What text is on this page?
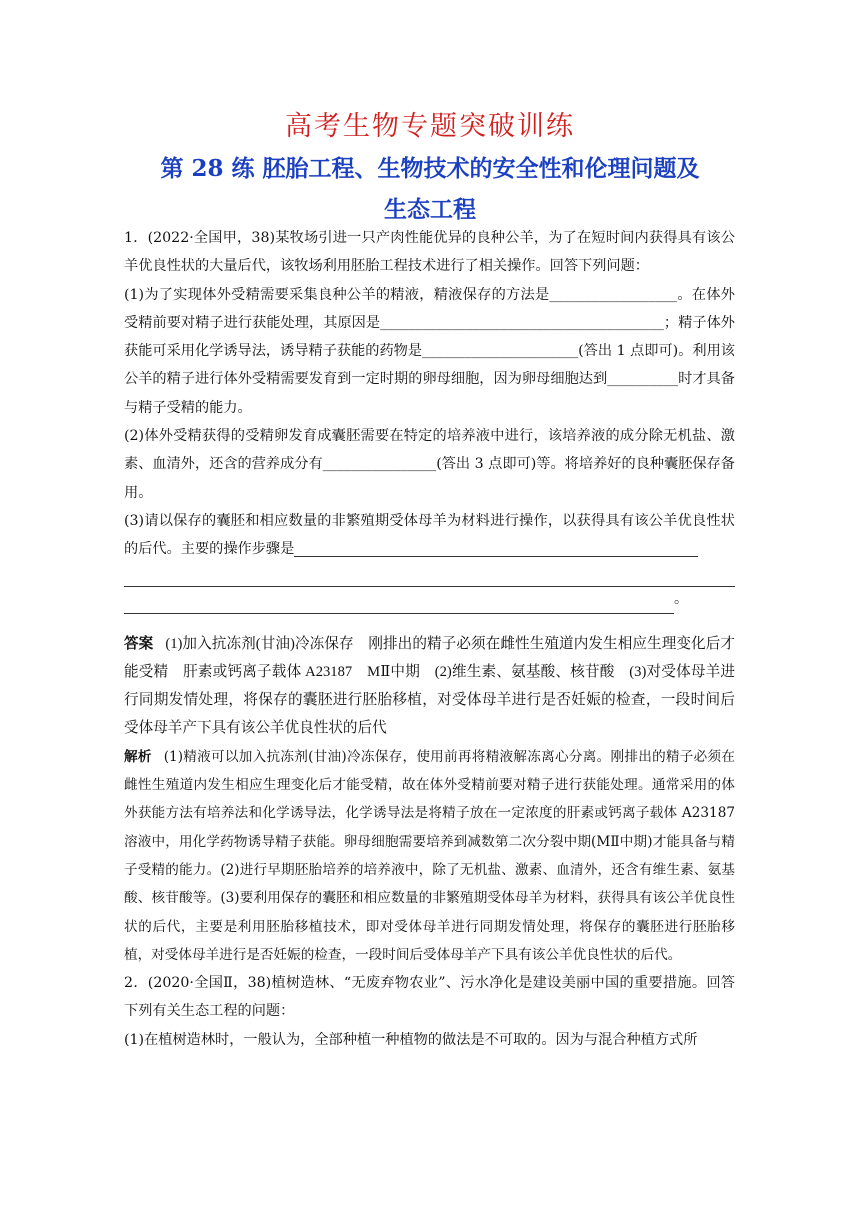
高考生物专题突破训练
第 28 练 胚胎工程、生物技术的安全性和伦理问题及
生态工程

1．(2022·全国甲，38)某牧场引进一只产肉性能优异的良种公羊，为了在短时间内获得具有该公羊优良性状的大量后代，该牧场利用胚胎工程技术进行了相关操作。回答下列问题：

(1)为了实现体外受精需要采集良种公羊的精液，精液保存的方法是__________________。在体外受精前要对精子进行获能处理，其原因是________________________________________；精子体外获能可采用化学诱导法，诱导精子获能的药物是______________________(答出 1 点即可)。利用该公羊的精子进行体外受精需要发育到一定时期的卵母细胞，因为卵母细胞达到__________时才具备与精子受精的能力。

(2)体外受精获得的受精卵发育成囊胚需要在特定的培养液中进行，该培养液的成分除无机盐、激素、血清外，还含的营养成分有________________(答出 3 点即可)等。将培养好的良种囊胚保存备用。

(3)请以保存的囊胚和相应数量的非繁殖期受体母羊为材料进行操作，以获得具有该公羊优良性状的后代。主要的操作步骤是

。

答案 (1)加入抗冻剂(甘油)冷冻保存　刚排出的精子必须在雌性生殖道内发生相应生理变化后才能受精　肝素或钙离子载体 A23187　MⅡ中期　(2)维生素、氨基酸、核苷酸　(3)对受体母羊进行同期发情处理，将保存的囊胚进行胚胎移植，对受体母羊进行是否妊娠的检查，一段时间后受体母羊产下具有该公羊优良性状的后代

解析 (1)精液可以加入抗冻剂(甘油)冷冻保存，使用前再将精液解冻离心分离。刚排出的精子必须在雌性生殖道内发生相应生理变化后才能受精，故在体外受精前要对精子进行获能处理。通常采用的体外获能方法有培养法和化学诱导法，化学诱导法是将精子放在一定浓度的肝素或钙离子载体 A23187 溶液中，用化学药物诱导精子获能。卵母细胞需要培养到减数第二次分裂中期(MⅡ中期)才能具备与精子受精的能力。(2)进行早期胚胎培养的培养液中，除了无机盐、激素、血清外，还含有维生素、氨基酸、核苷酸等。(3)要利用保存的囊胚和相应数量的非繁殖期受体母羊为材料，获得具有该公羊优良性状的后代，主要是利用胚胎移植技术，即对受体母羊进行同期发情处理，将保存的囊胚进行胚胎移植，对受体母羊进行是否妊娠的检查，一段时间后受体母羊产下具有该公羊优良性状的后代。

2．(2020·全国Ⅱ，38)植树造林、“无废弃物农业”、污水净化是建设美丽中国的重要措施。回答下列有关生态工程的问题：

(1)在植树造林时，一般认为，全部种植一种植物的做法是不可取的。因为与混合种植方式所
